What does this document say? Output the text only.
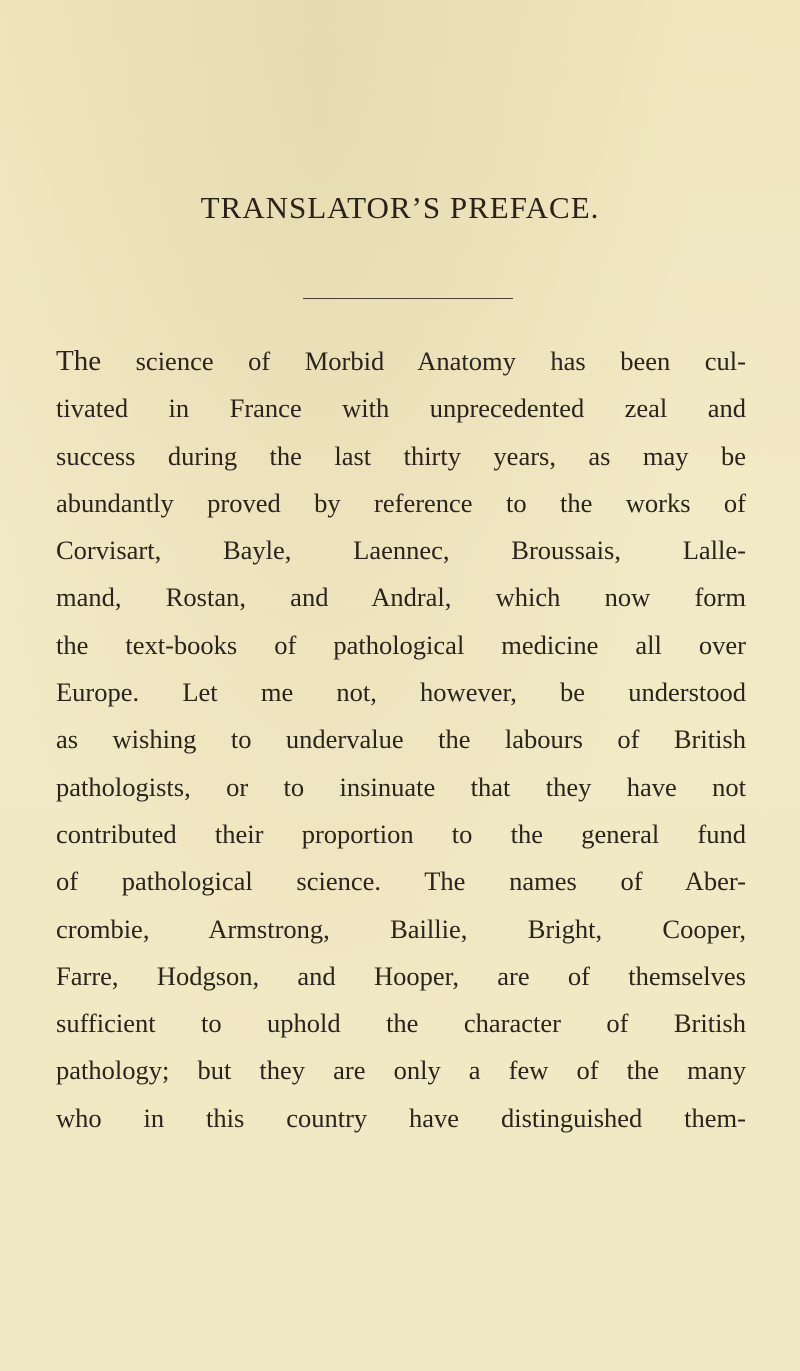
TRANSLATOR’S PREFACE.
The science of Morbid Anatomy has been cul-
tivated in France with unprecedented zeal and
success during the last thirty years, as may be
abundantly proved by reference to the works of
Corvisart, Bayle, Laennec, Broussais, Lalle-
mand, Rostan, and Andral, which now form
the text-books of pathological medicine all over
Europe. Let me not, however, be understood
as wishing to undervalue the labours of British
pathologists, or to insinuate that they have not
contributed their proportion to the general fund
of pathological science. The names of Aber-
crombie, Armstrong, Baillie, Bright, Cooper,
Farre, Hodgson, and Hooper, are of themselves
sufficient to uphold the character of British
pathology; but they are only a few of the many
who in this country have distinguished them-
